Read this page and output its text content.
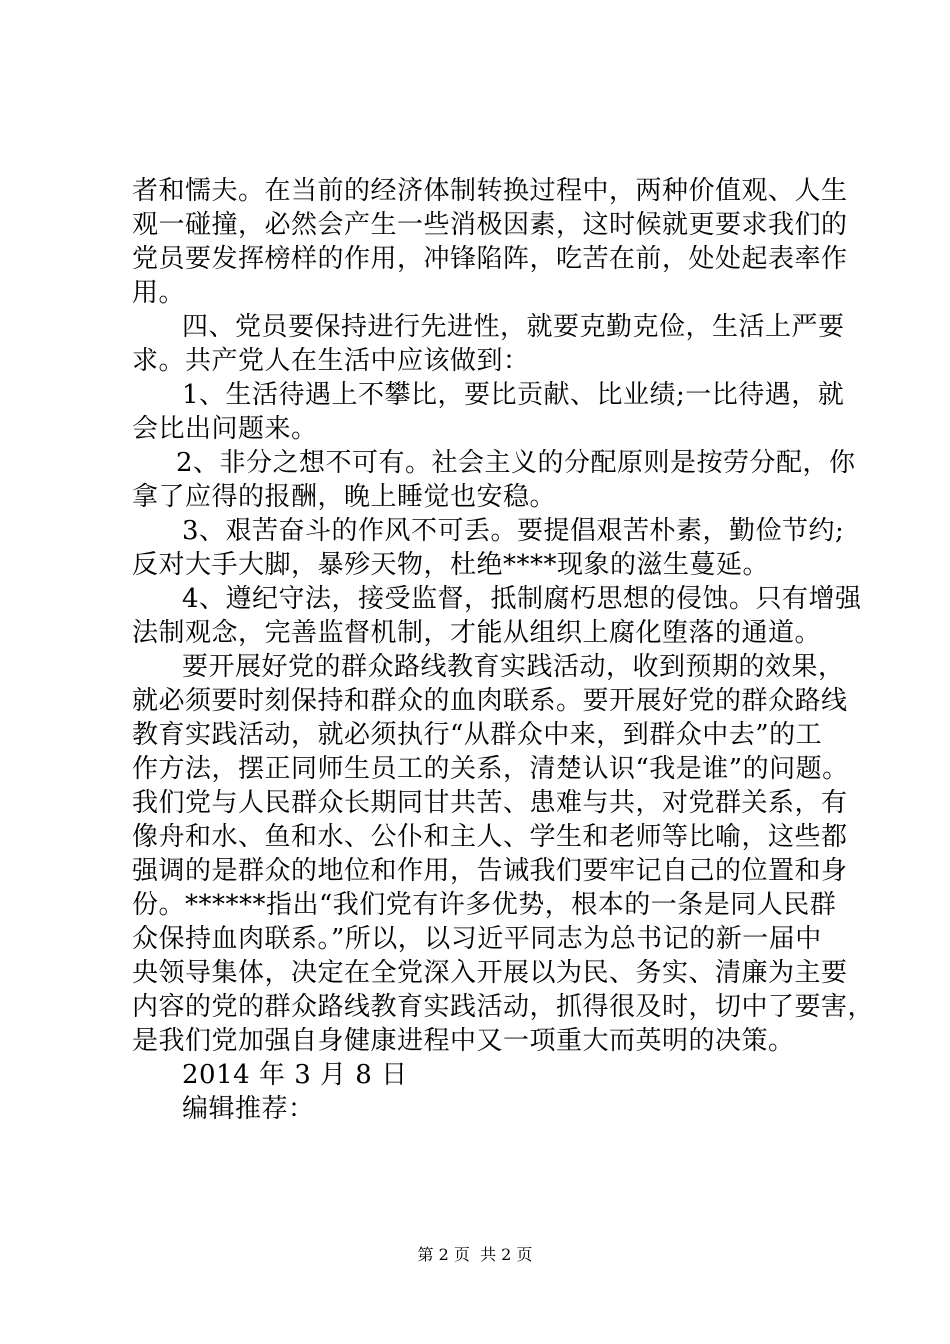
者和懦夫。在当前的经济体制转换过程中，两种价值观、人生
观一碰撞，必然会产生一些消极因素，这时候就更要求我们的
党员要发挥榜样的作用，冲锋陷阵，吃苦在前，处处起表率作
用。
四、党员要保持进行先进性，就要克勤克俭，生活上严要
求。共产党人在生活中应该做到：
1、生活待遇上不攀比，要比贡献、比业绩;一比待遇，就
会比出问题来。
2、非分之想不可有。社会主义的分配原则是按劳分配，你
拿了应得的报酬，晚上睡觉也安稳。
3、艰苦奋斗的作风不可丢。要提倡艰苦朴素，勤俭节约;
反对大手大脚，暴殄天物，杜绝****现象的滋生蔓延。
4、遵纪守法，接受监督，抵制腐朽思想的侵蚀。只有增强
法制观念，完善监督机制，才能从组织上腐化堕落的通道。
要开展好党的群众路线教育实践活动，收到预期的效果，
就必须要时刻保持和群众的血肉联系。要开展好党的群众路线
教育实践活动，就必须执行“从群众中来，到群众中去”的工
作方法，摆正同师生员工的关系，清楚认识“我是谁”的问题。
我们党与人民群众长期同甘共苦、患难与共，对党群关系，有
像舟和水、鱼和水、公仆和主人、学生和老师等比喻，这些都
强调的是群众的地位和作用，告诫我们要牢记自己的位置和身
份。******指出“我们党有许多优势，根本的一条是同人民群
众保持血肉联系。”所以，以习近平同志为总书记的新一届中
央领导集体，决定在全党深入开展以为民、务实、清廉为主要
内容的党的群众路线教育实践活动，抓得很及时，切中了要害，
是我们党加强自身健康进程中又一项重大而英明的决策。
2014 年 3 月 8 日
编辑推荐：
第 2 页  共 2 页
